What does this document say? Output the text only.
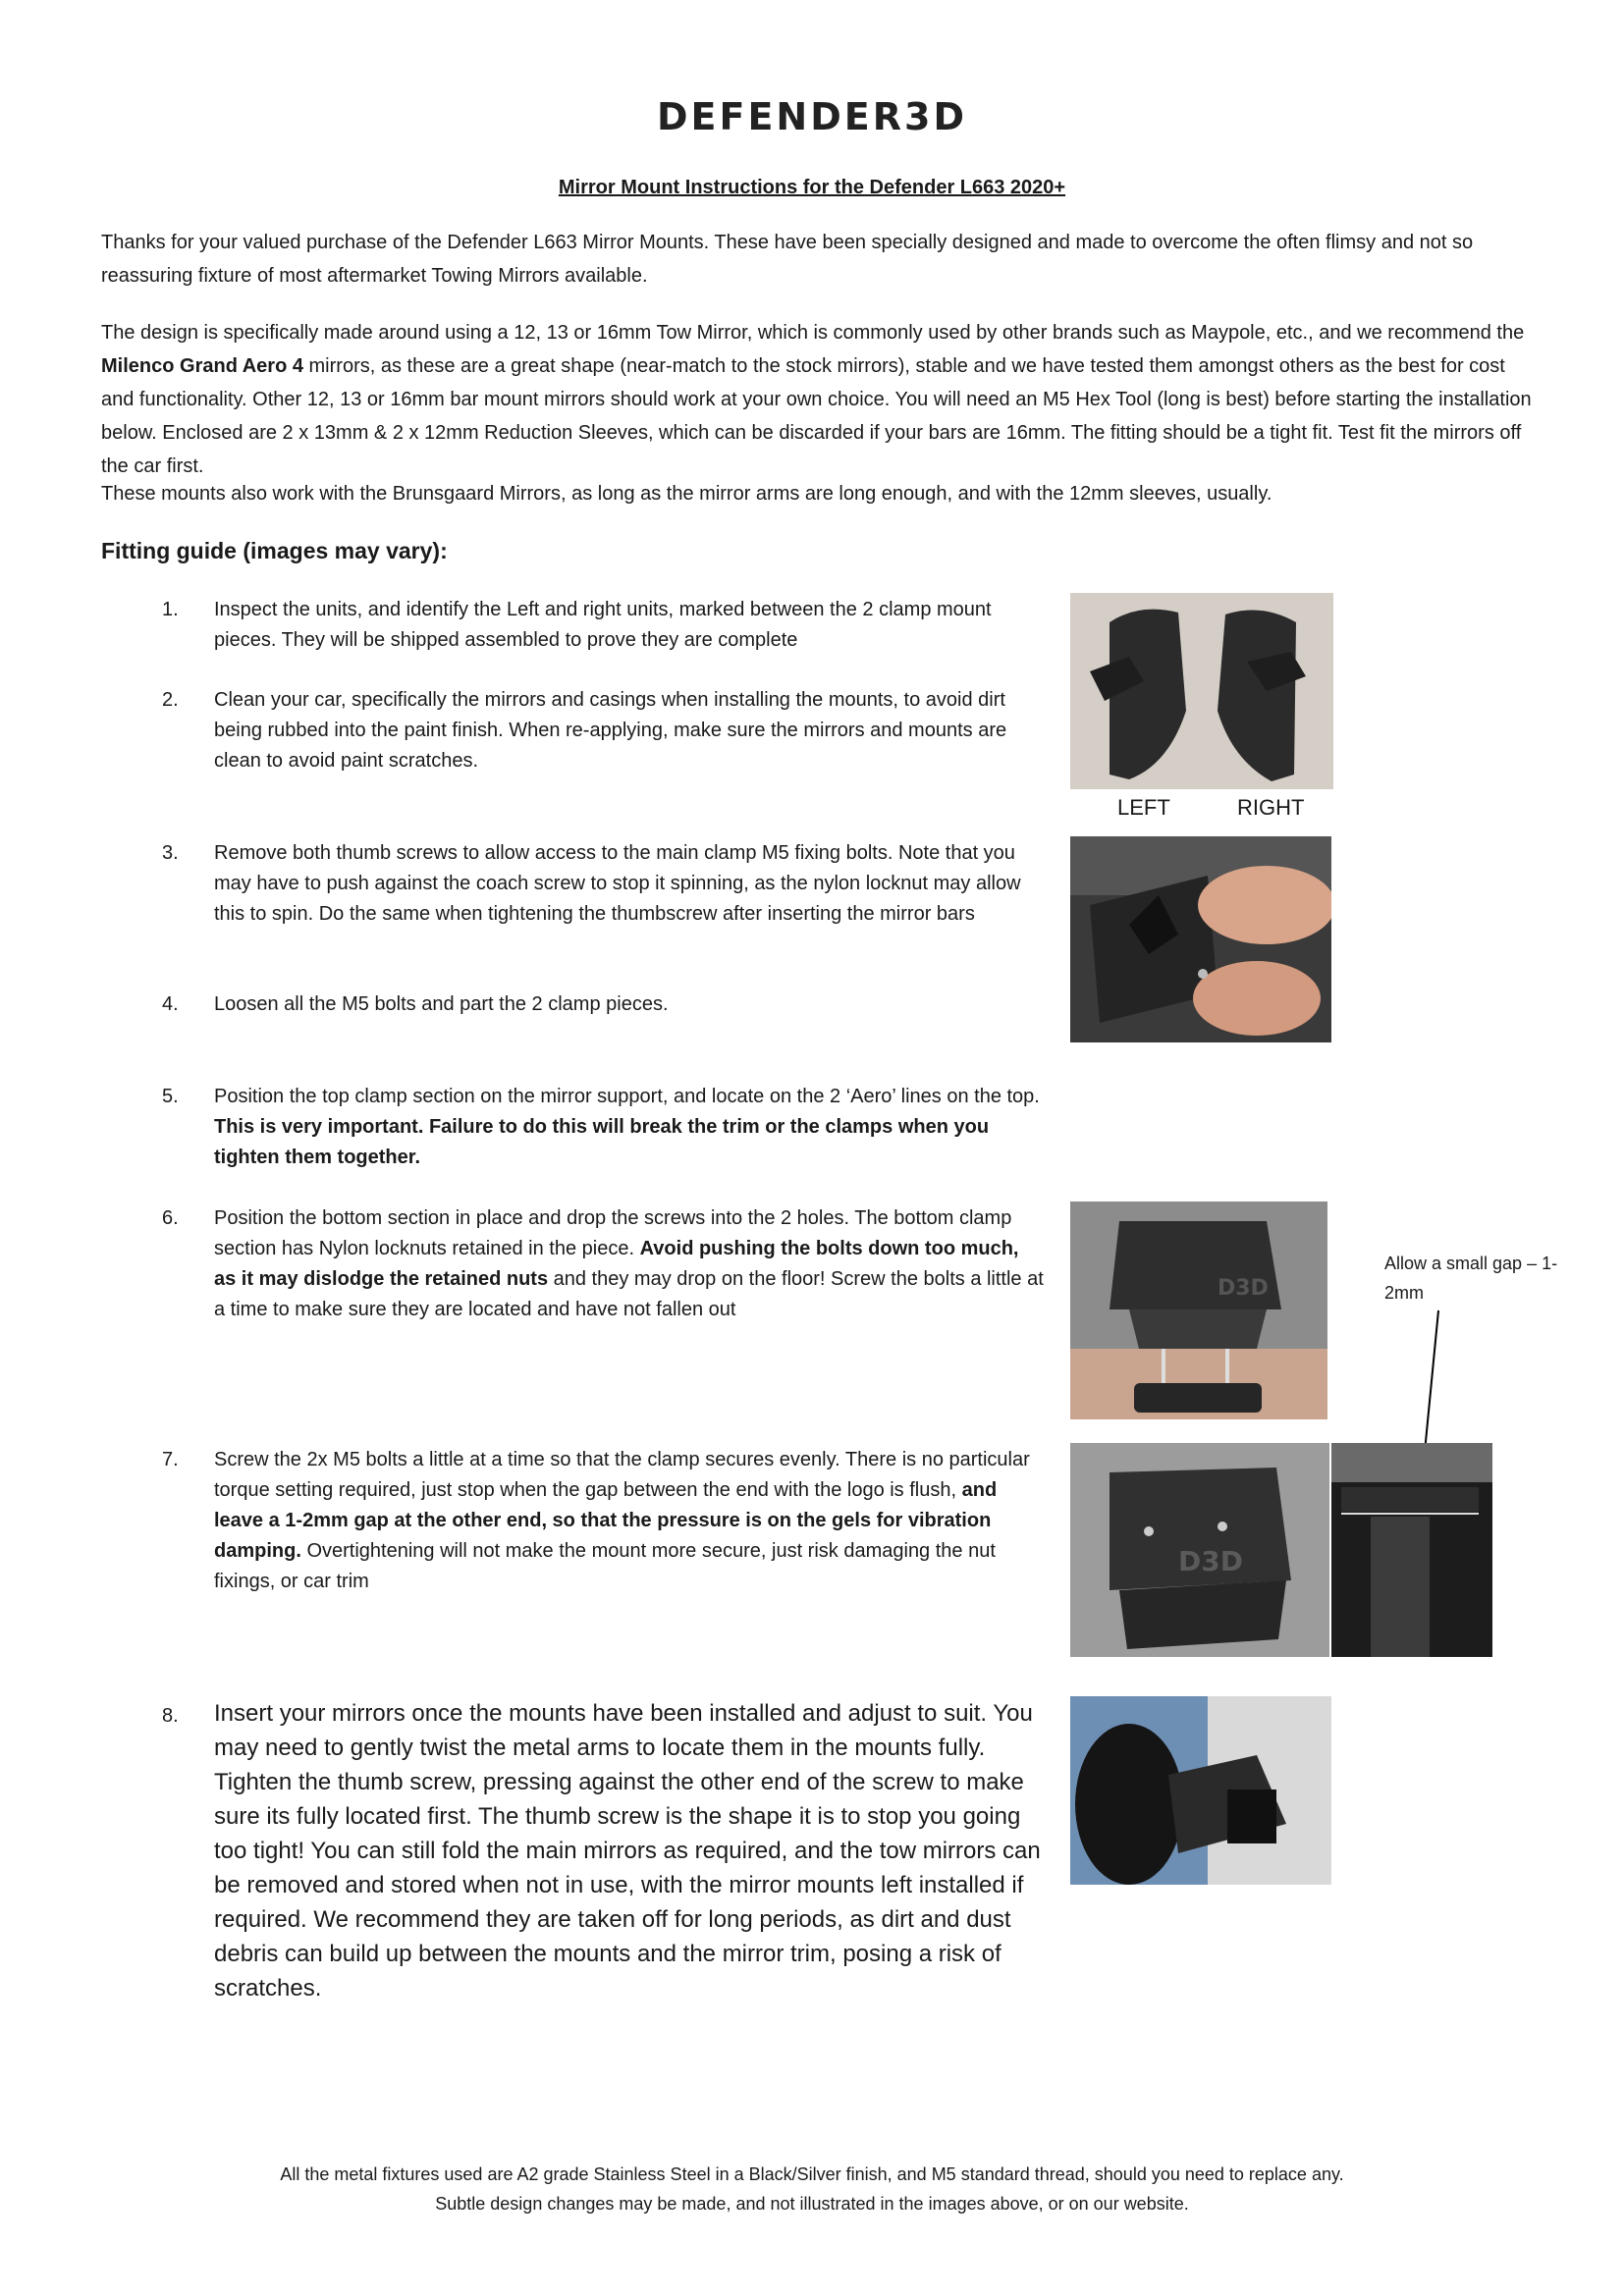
DEFENDER3D
Mirror Mount Instructions for the Defender L663 2020+
Thanks for your valued purchase of the Defender L663 Mirror Mounts. These have been specially designed and made to overcome the often flimsy and not so reassuring fixture of most aftermarket Towing Mirrors available.
The design is specifically made around using a 12, 13 or 16mm Tow Mirror, which is commonly used by other brands such as Maypole, etc., and we recommend the Milenco Grand Aero 4 mirrors, as these are a great shape (near-match to the stock mirrors), stable and we have tested them amongst others as the best for cost and functionality. Other 12, 13 or 16mm bar mount mirrors should work at your own choice. You will need an M5 Hex Tool (long is best) before starting the installation below. Enclosed are 2 x 13mm & 2 x 12mm Reduction Sleeves, which can be discarded if your bars are 16mm. The fitting should be a tight fit. Test fit the mirrors off the car first.
These mounts also work with the Brunsgaard Mirrors, as long as the mirror arms are long enough, and with the 12mm sleeves, usually.
Fitting guide (images may vary):
1.	Inspect the units, and identify the Left and right units, marked between the 2 clamp mount pieces. They will be shipped assembled to prove they are complete
2.	Clean your car, specifically the mirrors and casings when installing the mounts, to avoid dirt being rubbed into the paint finish. When re-applying, make sure the mirrors and mounts are clean to avoid paint scratches.
3.	Remove both thumb screws to allow access to the main clamp M5 fixing bolts. Note that you may have to push against the coach screw to stop it spinning, as the nylon locknut may allow this to spin. Do the same when tightening the thumbscrew after inserting the mirror bars
4.	Loosen all the M5 bolts and part the 2 clamp pieces.
5.	Position the top clamp section on the mirror support, and locate on the 2 ‘Aero’ lines on the top. This is very important. Failure to do this will break the trim or the clamps when you tighten them together.
6.	Position the bottom section in place and drop the screws into the 2 holes. The bottom clamp section has Nylon locknuts retained in the piece. Avoid pushing the bolts down too much, as it may dislodge the retained nuts and they may drop on the floor! Screw the bolts a little at a time to make sure they are located and have not fallen out
7.	Screw the 2x M5 bolts a little at a time so that the clamp secures evenly. There is no particular torque setting required, just stop when the gap between the end with the logo is flush, and leave a 1-2mm gap at the other end, so that the pressure is on the gels for vibration damping. Overtightening will not make the mount more secure, just risk damaging the nut fixings, or car trim
8.	Insert your mirrors once the mounts have been installed and adjust to suit. You may need to gently twist the metal arms to locate them in the mounts fully. Tighten the thumb screw, pressing against the other end of the screw to make sure its fully located first. The thumb screw is the shape it is to stop you going too tight! You can still fold the main mirrors as required, and the tow mirrors can be removed and stored when not in use, with the mirror mounts left installed if required. We recommend they are taken off for long periods, as dirt and dust debris can build up between the mounts and the mirror trim, posing a risk of scratches.
LEFT	RIGHT
D3D
Allow a small gap – 1-2mm
D3D
All the metal fixtures used are A2 grade Stainless Steel in a Black/Silver finish, and M5 standard thread, should you need to replace any.
Subtle design changes may be made, and not illustrated in the images above, or on our website.
